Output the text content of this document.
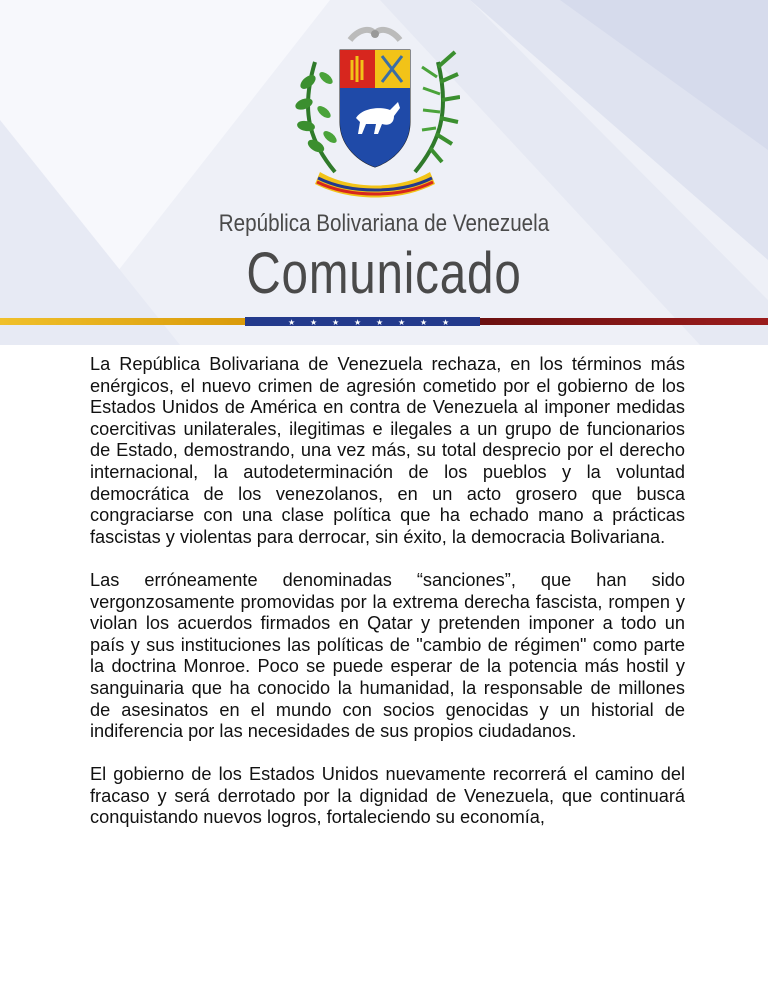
República Bolivariana de Venezuela
Comunicado
★ ★ ★ ★ ★ ★ ★ ★

La República Bolivariana de Venezuela rechaza, en los términos más enérgicos, el nuevo crimen de agresión cometido por el gobierno de los Estados Unidos de América en contra de Venezuela al imponer medidas coercitivas unilaterales, ilegitimas e ilegales a un grupo de funcionarios de Estado, demostrando, una vez más, su total desprecio por el derecho internacional, la autodeterminación de los pueblos y la voluntad democrática de los venezolanos, en un acto grosero que busca congraciarse con una clase política que ha echado mano a prácticas fascistas y violentas para derrocar, sin éxito, la democracia Bolivariana.

Las erróneamente denominadas “sanciones”, que han sido vergonzosamente promovidas por la extrema derecha fascista, rompen y violan los acuerdos firmados en Qatar y pretenden imponer a todo un país y sus instituciones las políticas de "cambio de régimen" como parte la doctrina Monroe. Poco se puede esperar de la potencia más hostil y sanguinaria que ha conocido la humanidad, la responsable de millones de asesinatos en el mundo con socios genocidas y un historial de indiferencia por las necesidades de sus propios ciudadanos.

El gobierno de los Estados Unidos nuevamente recorrerá el camino del fracaso y será derrotado por la dignidad de Venezuela, que continuará conquistando nuevos logros, fortaleciendo su economía,
